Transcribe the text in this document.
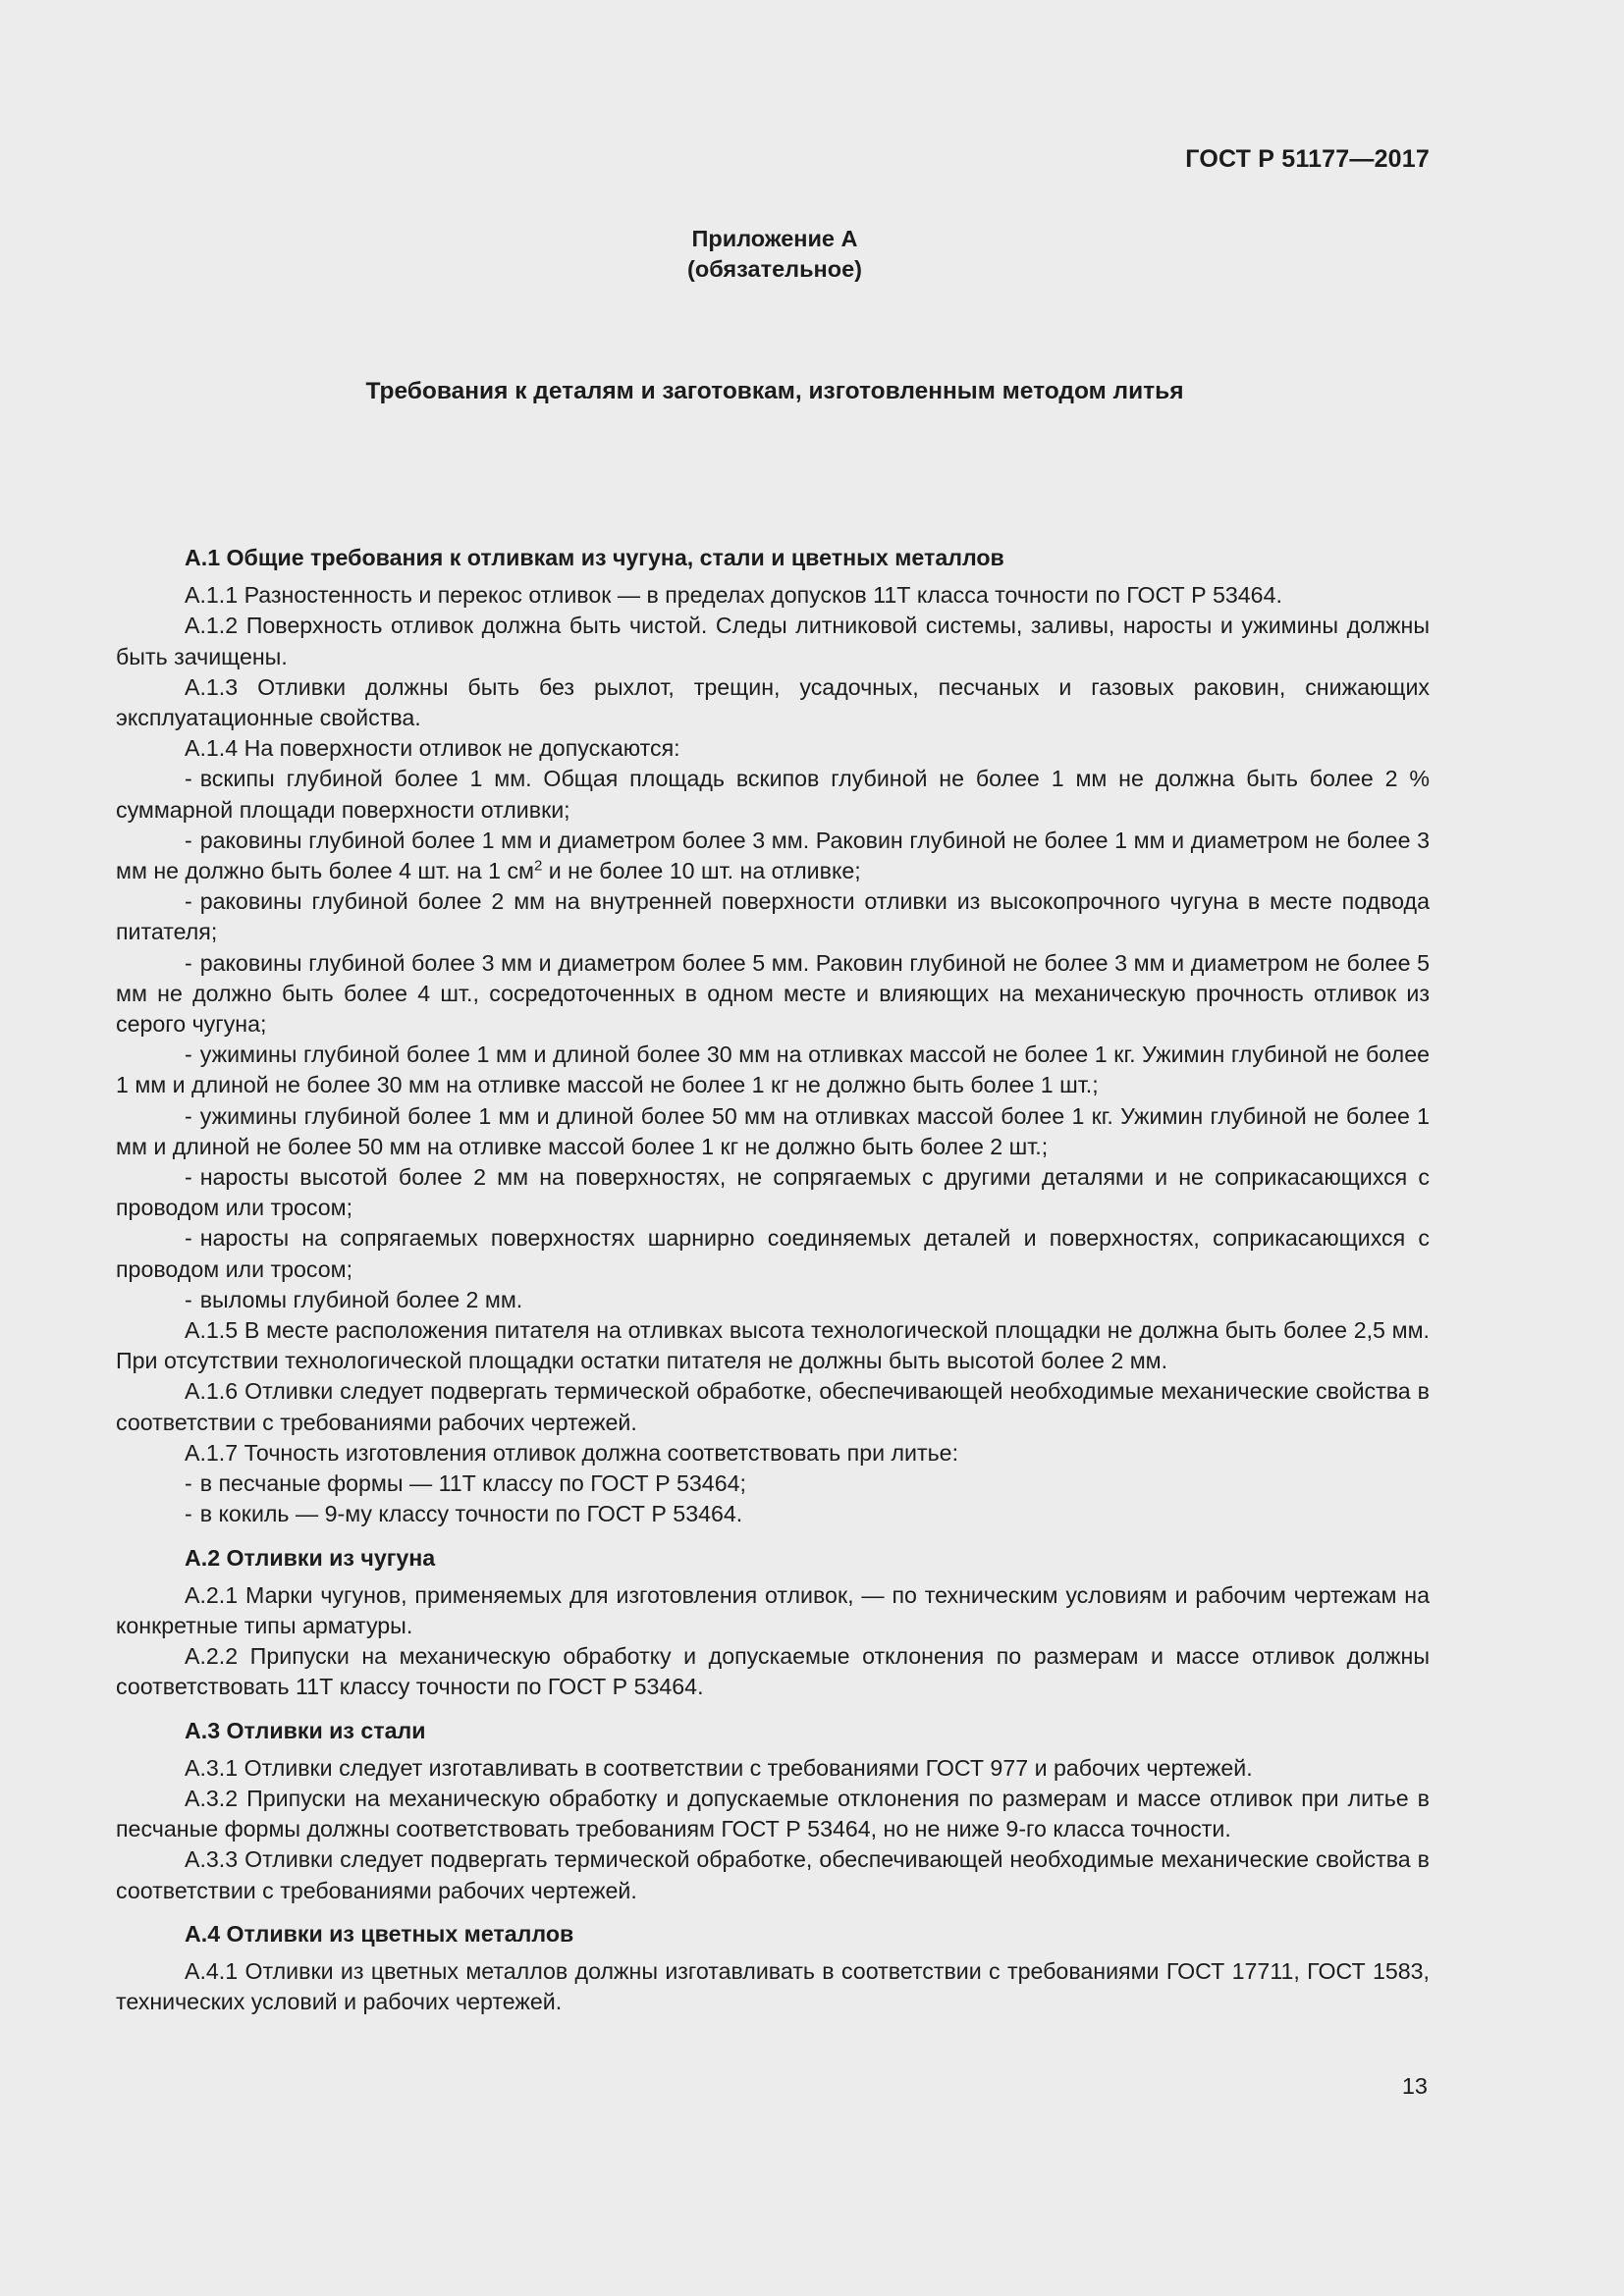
ГОСТ Р 51177—2017
Приложение А
(обязательное)
Требования к деталям и заготовкам, изготовленным методом литья
А.1 Общие требования к отливкам из чугуна, стали и цветных металлов

А.1.1 Разностенность и перекос отливок — в пределах допусков 11Т класса точности по ГОСТ Р 53464.

А.1.2 Поверхность отливок должна быть чистой. Следы литниковой системы, заливы, наросты и ужимины должны быть зачищены.

А.1.3 Отливки должны быть без рыхлот, трещин, усадочных, песчаных и газовых раковин, снижающих эксплуатационные свойства.

А.1.4 На поверхности отливок не допускаются:

- вскипы глубиной более 1 мм. Общая площадь вскипов глубиной не более 1 мм не должна быть более 2 % суммарной площади поверхности отливки;

- раковины глубиной более 1 мм и диаметром более 3 мм. Раковин глубиной не более 1 мм и диаметром не более 3 мм не должно быть более 4 шт. на 1 $см^2$ и не более 10 шт. на отливке;

- раковины глубиной более 2 мм на внутренней поверхности отливки из высокопрочного чугуна в месте подвода питателя;

- раковины глубиной более 3 мм и диаметром более 5 мм. Раковин глубиной не более 3 мм и диаметром не более 5 мм не должно быть более 4 шт., сосредоточенных в одном месте и влияющих на механическую прочность отливок из серого чугуна;

- ужимины глубиной более 1 мм и длиной более 30 мм на отливках массой не более 1 кг. Ужимин глубиной не более 1 мм и длиной не более 30 мм на отливке массой не более 1 кг не должно быть более 1 шт.;

- ужимины глубиной более 1 мм и длиной более 50 мм на отливках массой более 1 кг. Ужимин глубиной не более 1 мм и длиной не более 50 мм на отливке массой более 1 кг не должно быть более 2 шт.;

- наросты высотой более 2 мм на поверхностях, не сопрягаемых с другими деталями и не соприкасающихся с проводом или тросом;

- наросты на сопрягаемых поверхностях шарнирно соединяемых деталей и поверхностях, соприкасающихся с проводом или тросом;

- выломы глубиной более 2 мм.

А.1.5 В месте расположения питателя на отливках высота технологической площадки не должна быть более 2,5 мм. При отсутствии технологической площадки остатки питателя не должны быть высотой более 2 мм.

А.1.6 Отливки следует подвергать термической обработке, обеспечивающей необходимые механические свойства в соответствии с требованиями рабочих чертежей.

А.1.7 Точность изготовления отливок должна соответствовать при литье:

- в песчаные формы — 11Т классу по ГОСТ Р 53464;

- в кокиль — 9-му классу точности по ГОСТ Р 53464.

А.2 Отливки из чугуна

А.2.1 Марки чугунов, применяемых для изготовления отливок, — по техническим условиям и рабочим чертежам на конкретные типы арматуры.

А.2.2 Припуски на механическую обработку и допускаемые отклонения по размерам и массе отливок должны соответствовать 11Т классу точности по ГОСТ Р 53464.

А.3 Отливки из стали

А.3.1 Отливки следует изготавливать в соответствии с требованиями ГОСТ 977 и рабочих чертежей.

А.3.2 Припуски на механическую обработку и допускаемые отклонения по размерам и массе отливок при литье в песчаные формы должны соответствовать требованиям ГОСТ Р 53464, но не ниже 9-го класса точности.

А.3.3 Отливки следует подвергать термической обработке, обеспечивающей необходимые механические свойства в соответствии с требованиями рабочих чертежей.

А.4 Отливки из цветных металлов

А.4.1 Отливки из цветных металлов должны изготавливать в соответствии с требованиями ГОСТ 17711, ГОСТ 1583, технических условий и рабочих чертежей.

13
